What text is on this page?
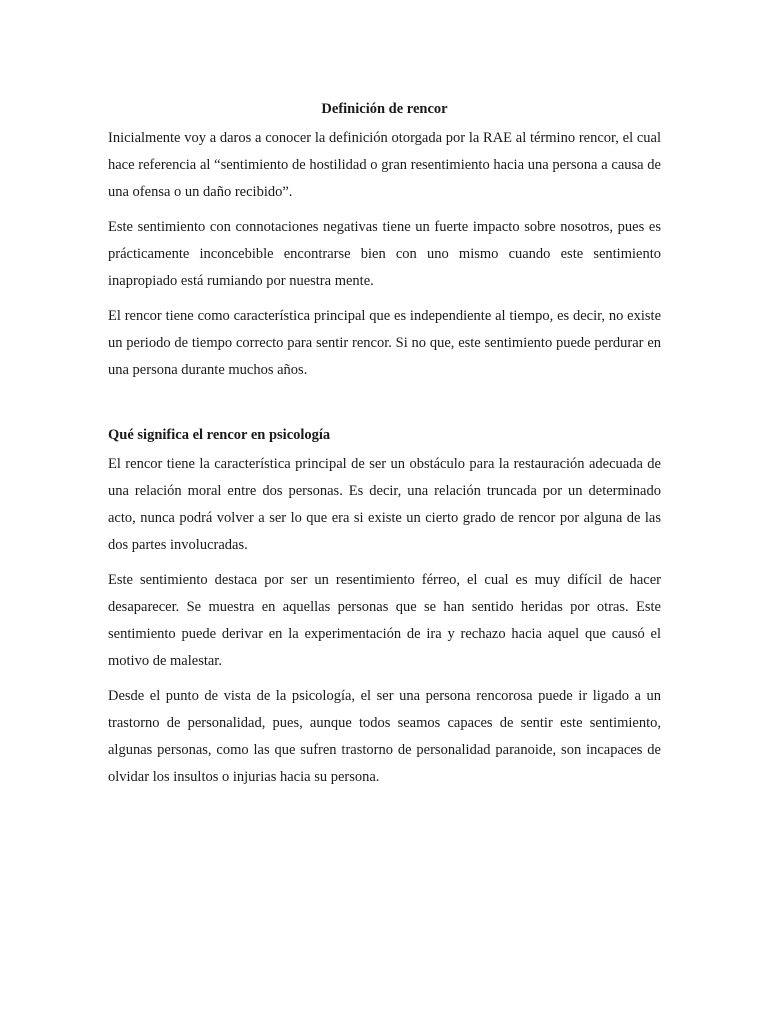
Definición de rencor

Inicialmente voy a daros a conocer la definición otorgada por la RAE al término rencor, el cual hace referencia al “sentimiento de hostilidad o gran resentimiento hacia una persona a causa de una ofensa o un daño recibido”.

Este sentimiento con connotaciones negativas tiene un fuerte impacto sobre nosotros, pues es prácticamente inconcebible encontrarse bien con uno mismo cuando este sentimiento inapropiado está rumiando por nuestra mente.

El rencor tiene como característica principal que es independiente al tiempo, es decir, no existe un periodo de tiempo correcto para sentir rencor. Si no que, este sentimiento puede perdurar en una persona durante muchos años.

Qué significa el rencor en psicología

El rencor tiene la característica principal de ser un obstáculo para la restauración adecuada de una relación moral entre dos personas. Es decir, una relación truncada por un determinado acto, nunca podrá volver a ser lo que era si existe un cierto grado de rencor por alguna de las dos partes involucradas.

Este sentimiento destaca por ser un resentimiento férreo, el cual es muy difícil de hacer desaparecer. Se muestra en aquellas personas que se han sentido heridas por otras. Este sentimiento puede derivar en la experimentación de ira y rechazo hacia aquel que causó el motivo de malestar.

Desde el punto de vista de la psicología, el ser una persona rencorosa puede ir ligado a un trastorno de personalidad, pues, aunque todos seamos capaces de sentir este sentimiento, algunas personas, como las que sufren trastorno de personalidad paranoide, son incapaces de olvidar los insultos o injurias hacia su persona.
